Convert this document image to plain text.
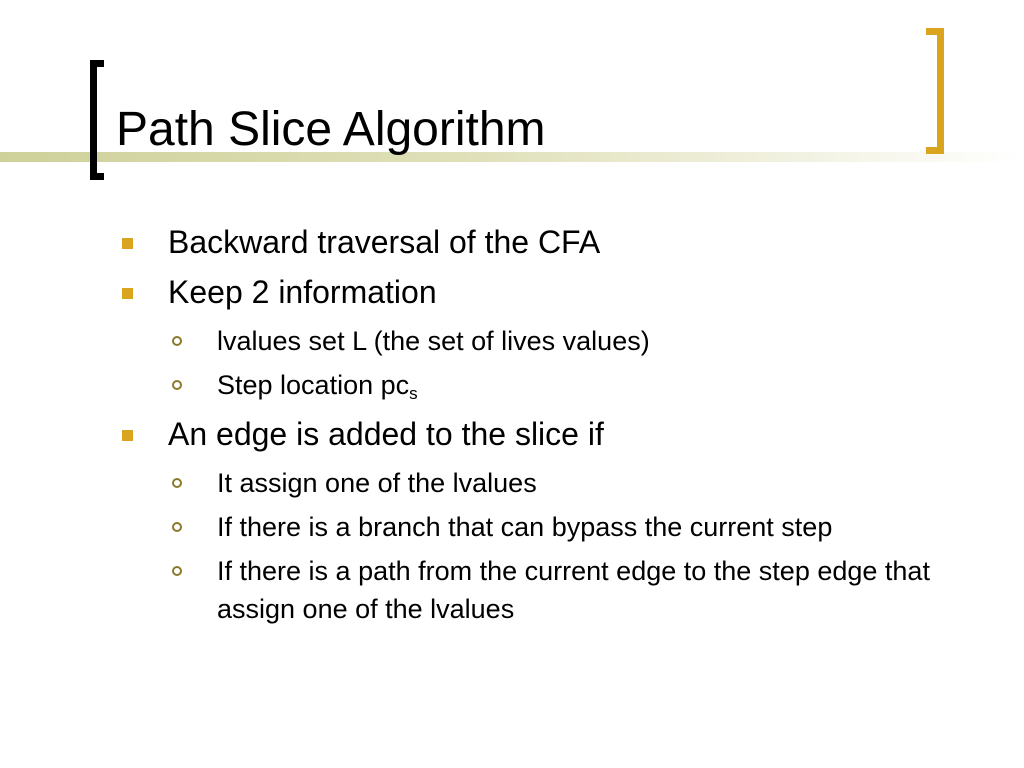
Path Slice Algorithm
Backward traversal of the CFA
Keep 2 information
lvalues set L (the set of lives values)
Step location $pc_s$
An edge is added to the slice if
It assign one of the lvalues
If there is a branch that can bypass the current step
If there is a path from the current edge to the step edge that assign one of the lvalues
